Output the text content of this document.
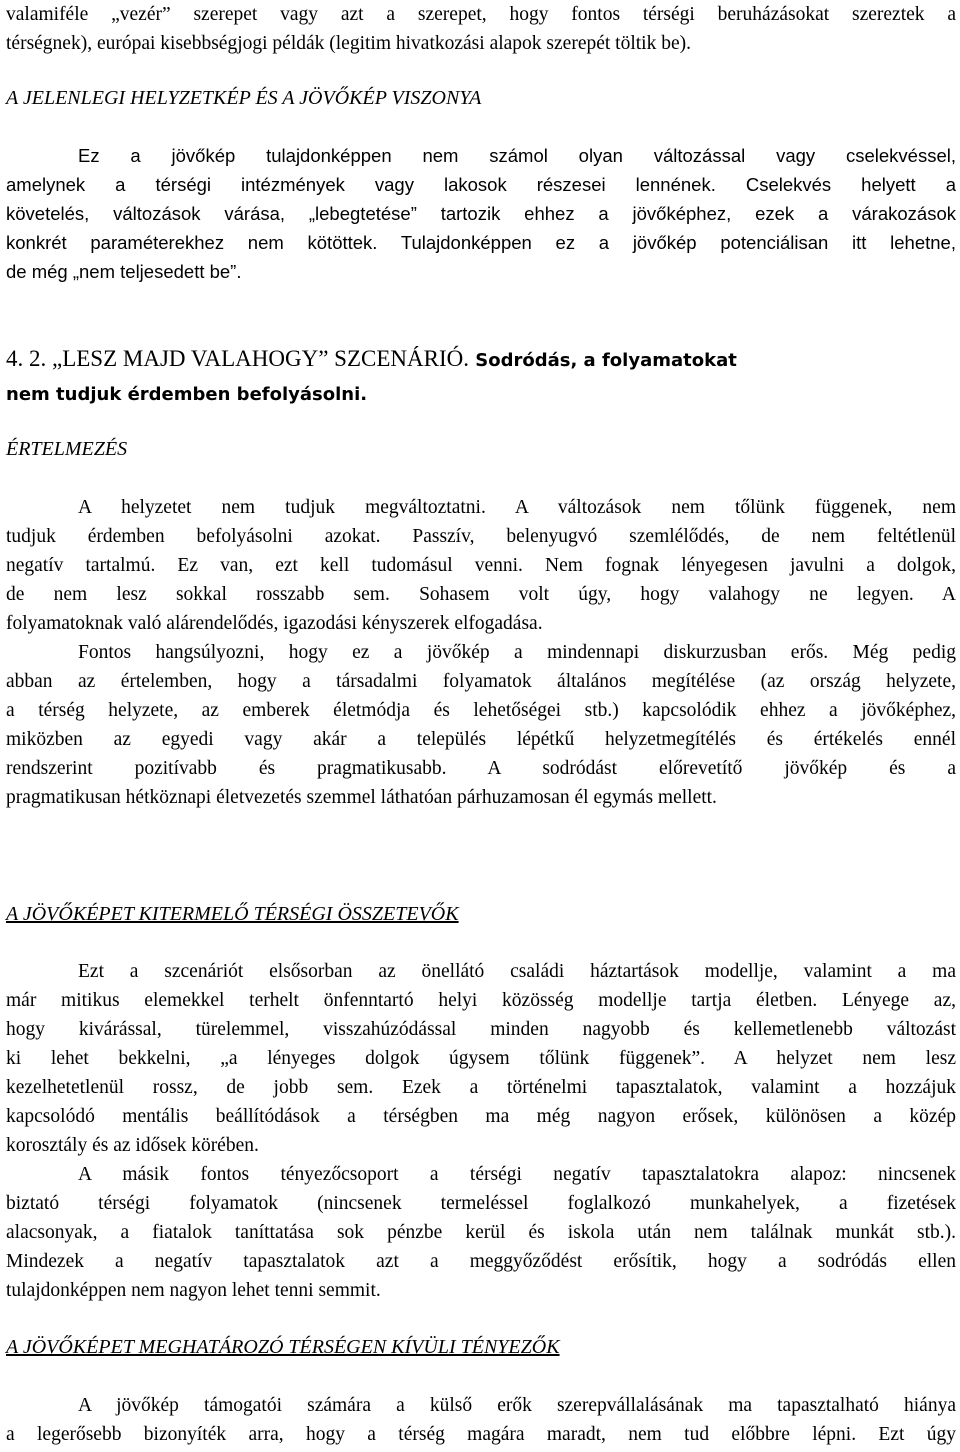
valamiféle „vezér” szerepet vagy azt a szerepet, hogy fontos térségi beruházásokat szereztek a
térségnek), európai kisebbségjogi példák (legitim hivatkozási alapok szerepét töltik be).
A JELENLEGI HELYZETKÉP ÉS A JÖVŐKÉP VISZONYA
Ez a jövőkép tulajdonképpen nem számol olyan változással vagy cselekvéssel,
amelynek a térségi intézmények vagy lakosok részesei lennének. Cselekvés helyett a
követelés, változások várása, „lebegtetése” tartozik ehhez a jövőképhez, ezek a várakozások
konkrét paraméterekhez nem kötöttek. Tulajdonképpen ez a jövőkép potenciálisan itt lehetne,
de még „nem teljesedett be”.
4. 2. „LESZ MAJD VALAHOGY” SZCENÁRIÓ. Sodródás, a folyamatokat
nem tudjuk érdemben befolyásolni.
ÉRTELMEZÉS
A helyzetet nem tudjuk megváltoztatni. A változások nem tőlünk függenek, nem
tudjuk érdemben befolyásolni azokat. Passzív, belenyugvó szemlélődés, de nem feltétlenül
negatív tartalmú. Ez van, ezt kell tudomásul venni. Nem fognak lényegesen javulni a dolgok,
de nem lesz sokkal rosszabb sem. Sohasem volt úgy, hogy valahogy ne legyen. A
folyamatoknak való alárendelődés, igazodási kényszerek elfogadása.
Fontos hangsúlyozni, hogy ez a jövőkép a mindennapi diskurzusban erős. Még pedig
abban az értelemben, hogy a társadalmi folyamatok általános megítélése (az ország helyzete,
a térség helyzete, az emberek életmódja és lehetőségei stb.) kapcsolódik ehhez a jövőképhez,
miközben az egyedi vagy akár a település lépétkű helyzetmegítélés és értékelés ennél
rendszerint pozitívabb és pragmatikusabb. A sodródást előrevetítő jövőkép és a
pragmatikusan hétköznapi életvezetés szemmel láthatóan párhuzamosan él egymás mellett.
A JÖVŐKÉPET KITERMELŐ TÉRSÉGI ÖSSZETEVŐK
Ezt a szcenáriót elsősorban az önellátó családi háztartások modellje, valamint a ma
már mitikus elemekkel terhelt önfenntartó helyi közösség modellje tartja életben. Lényege az,
hogy kivárással, türelemmel, visszahúzódással minden nagyobb és kellemetlenebb változást
ki lehet bekkelni, „a lényeges dolgok úgysem tőlünk függenek”. A helyzet nem lesz
kezelhetetlenül rossz, de jobb sem. Ezek a történelmi tapasztalatok, valamint a hozzájuk
kapcsolódó mentális beállítódások a térségben ma még nagyon erősek, különösen a közép
korosztály és az idősek körében.
A másik fontos tényezőcsoport a térségi negatív tapasztalatokra alapoz: nincsenek
biztató térségi folyamatok (nincsenek termeléssel foglalkozó munkahelyek, a fizetések
alacsonyak, a fiatalok taníttatása sok pénzbe kerül és iskola után nem találnak munkát stb.).
Mindezek a negatív tapasztalatok azt a meggyőződést erősítik, hogy a sodródás ellen
tulajdonképpen nem nagyon lehet tenni semmit.
A JÖVŐKÉPET MEGHATÁROZÓ TÉRSÉGEN KÍVÜLI TÉNYEZŐK
A jövőkép támogatói számára a külső erők szerepvállalásának ma tapasztalható hiánya
a legerősebb bizonyíték arra, hogy a térség magára maradt, nem tud előbbre lépni. Ezt úgy
